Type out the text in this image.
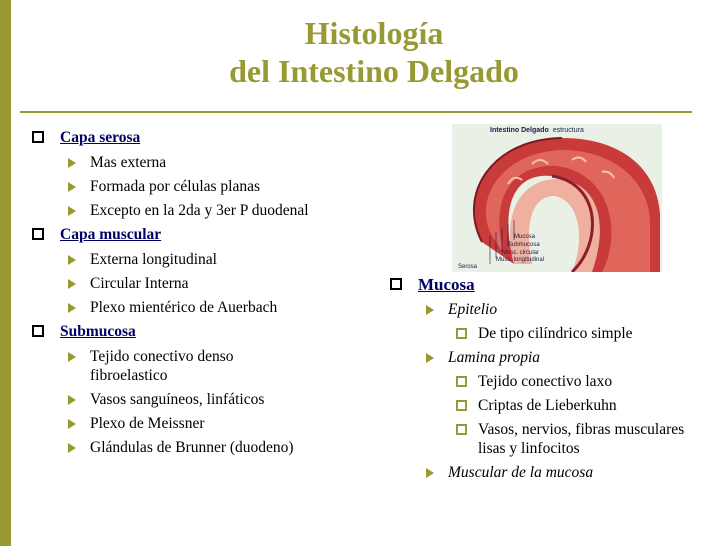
Histología
del Intestino Delgado
Capa serosa
Mas externa
Formada por células planas
Excepto en la 2da y 3er P duodenal
Capa muscular
Externa longitudinal
Circular Interna
Plexo mientérico de Auerbach
Submucosa
Tejido conectivo denso fibroelastico
Vasos sanguíneos, linfáticos
Plexo de Meissner
Glándulas de Brunner (duodeno)
Intestino Delgado estructura
Mucosa
Submucosa
Musc. circular
Musc. longitudinal
Serosa
Mucosa
Epitelio
De tipo cilíndrico simple
Lamina propia
Tejido conectivo laxo
Criptas de Lieberkuhn
Vasos, nervios, fibras musculares lisas y linfocitos
Muscular de la mucosa
